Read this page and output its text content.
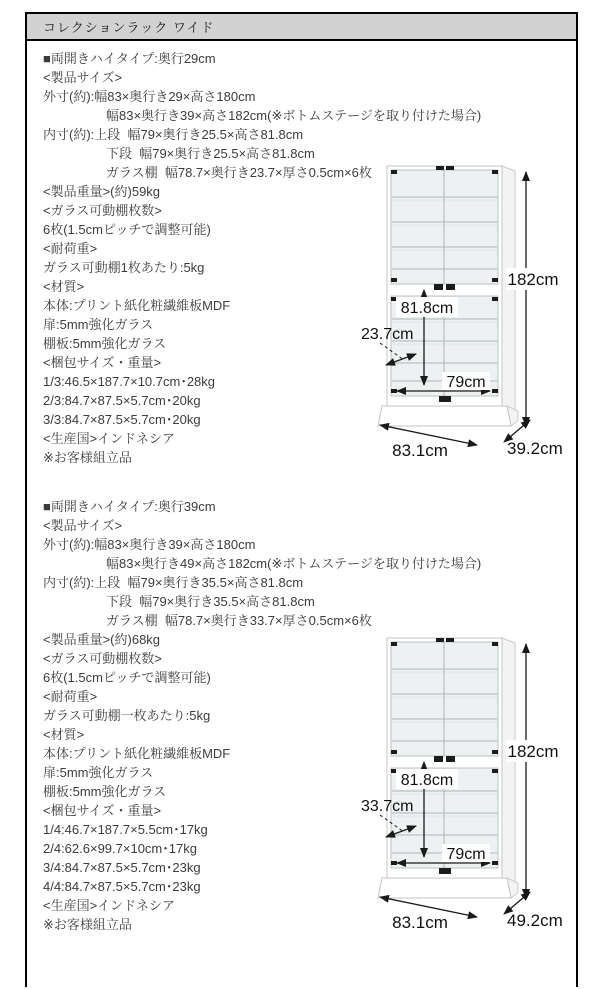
コレクションラック ワイド
■両開きハイタイプ:奥行29cm
<製品サイズ>
外寸(約):幅83×奥行き29×高さ180cm
幅83×奥行き39×高さ182cm(※ボトムステージを取り付けた場合)
内寸(約):上段  幅79×奥行き25.5×高さ81.8cm
下段  幅79×奥行き25.5×高さ81.8cm
ガラス棚  幅78.7×奥行き23.7×厚さ0.5cm×6枚
<製品重量>(約)59kg
<ガラス可動棚枚数>
6枚(1.5cmピッチで調整可能)
<耐荷重>
ガラス可動棚1枚あたり:5kg
<材質>
本体:プリント紙化粧繊維板MDF
扉:5mm強化ガラス
棚板:5mm強化ガラス
<梱包サイズ・重量>
1/3:46.5×187.7×10.7cm･28kg
2/3:84.7×87.5×5.7cm･20kg
3/3:84.7×87.5×5.7cm･20kg
<生産国>インドネシア
※お客様組立品
182cm
81.8cm
23.7cm
79cm
83.1cm	39.2cm
■両開きハイタイプ:奥行39cm
<製品サイズ>
外寸(約):幅83×奥行き39×高さ180cm
幅83×奥行き49×高さ182cm(※ボトムステージを取り付けた場合)
内寸(約):上段  幅79×奥行き35.5×高さ81.8cm
下段  幅79×奥行き35.5×高さ81.8cm
ガラス棚  幅78.7×奥行き33.7×厚さ0.5cm×6枚
<製品重量>(約)68kg
<ガラス可動棚枚数>
6枚(1.5cmピッチで調整可能)
<耐荷重>
ガラス可動棚一枚あたり:5kg
<材質>
本体:プリント紙化粧繊維板MDF
扉:5mm強化ガラス
棚板:5mm強化ガラス
<梱包サイズ・重量>
1/4:46.7×187.7×5.5cm･17kg
2/4:62.6×99.7×10cm･17kg
3/4:84.7×87.5×5.7cm･23kg
4/4:84.7×87.5×5.7cm･23kg
<生産国>インドネシア
※お客様組立品
182cm
81.8cm
33.7cm
79cm
83.1cm	49.2cm
